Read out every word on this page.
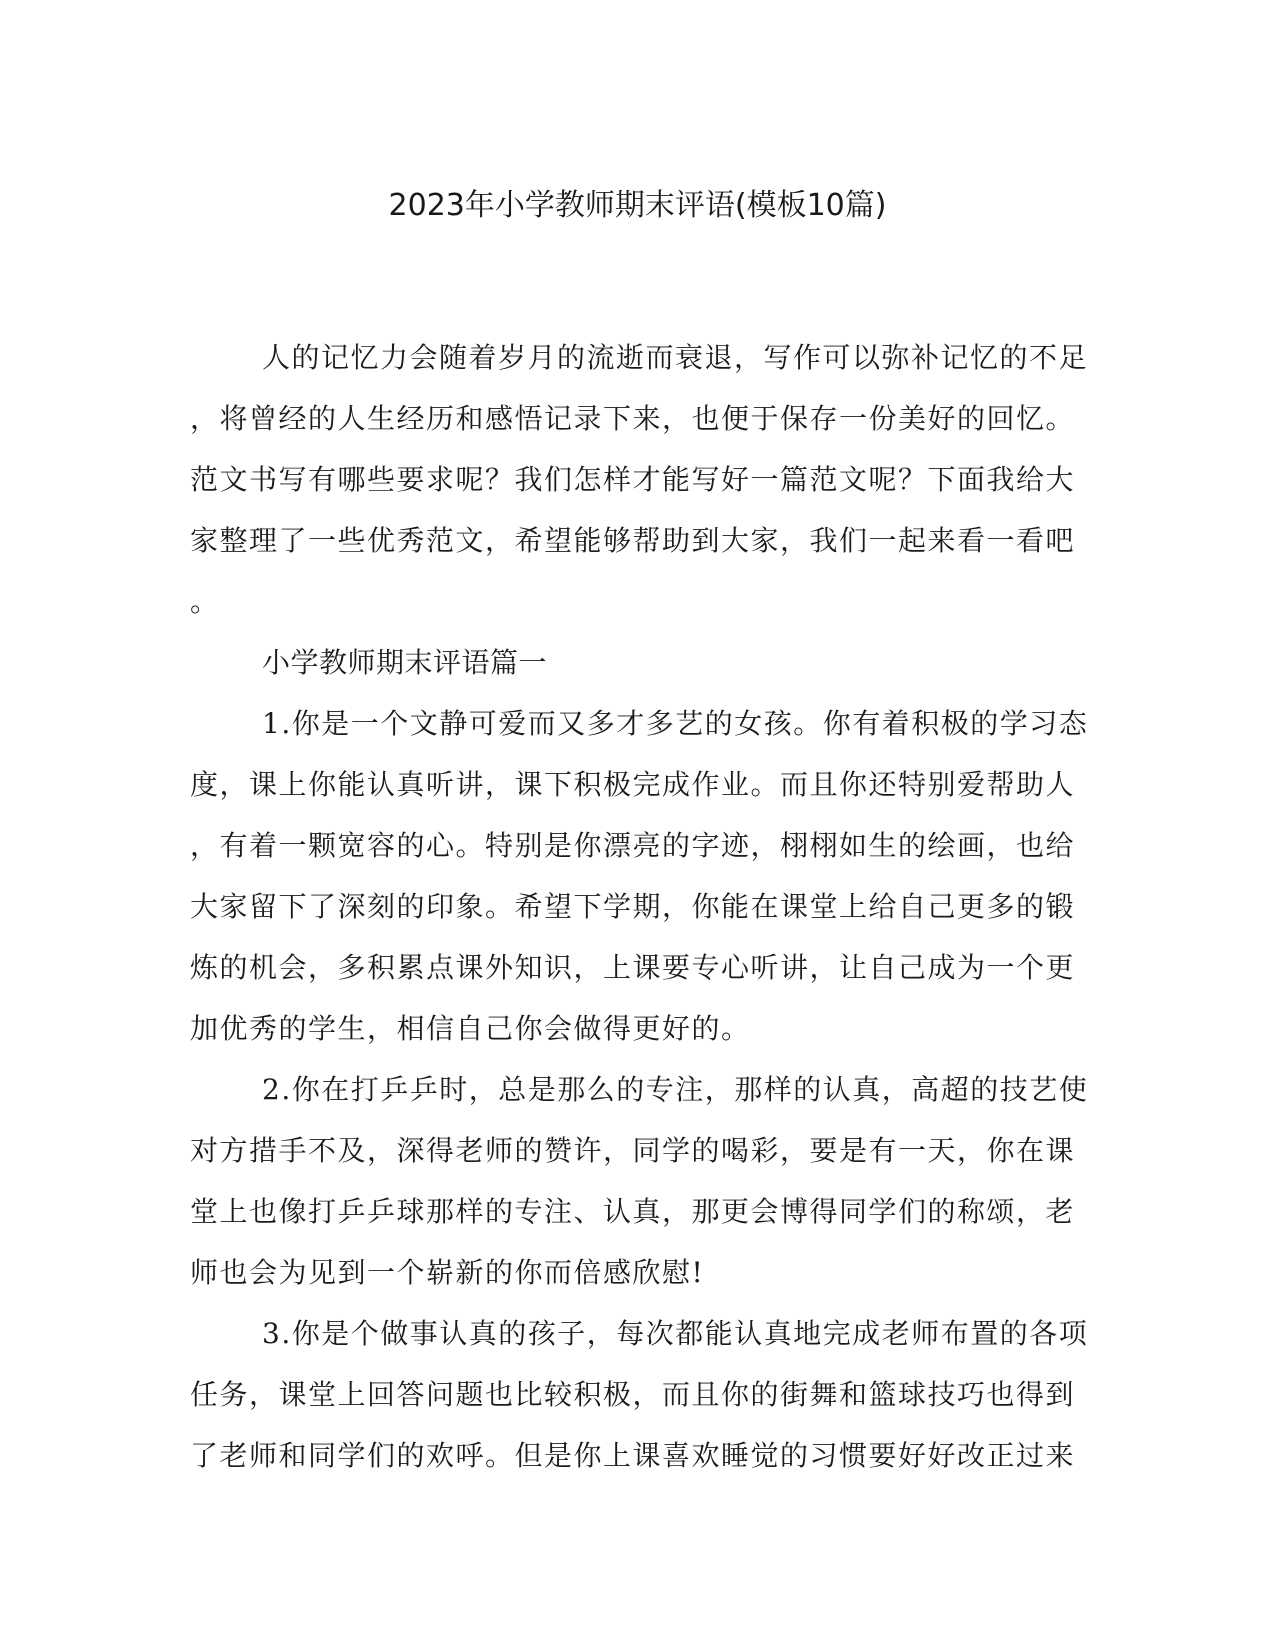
2023年小学教师期末评语(模板10篇)
人的记忆力会随着岁月的流逝而衰退，写作可以弥补记忆的不足
，将曾经的人生经历和感悟记录下来，也便于保存一份美好的回忆。
范文书写有哪些要求呢？我们怎样才能写好一篇范文呢？下面我给大
家整理了一些优秀范文，希望能够帮助到大家，我们一起来看一看吧
。
小学教师期末评语篇一
1.你是一个文静可爱而又多才多艺的女孩。你有着积极的学习态
度，课上你能认真听讲，课下积极完成作业。而且你还特别爱帮助人
，有着一颗宽容的心。特别是你漂亮的字迹，栩栩如生的绘画，也给
大家留下了深刻的印象。希望下学期，你能在课堂上给自己更多的锻
炼的机会，多积累点课外知识，上课要专心听讲，让自己成为一个更
加优秀的学生，相信自己你会做得更好的。
2.你在打乒乒时，总是那么的专注，那样的认真，高超的技艺使
对方措手不及，深得老师的赞许，同学的喝彩，要是有一天，你在课
堂上也像打乒乒球那样的专注、认真，那更会博得同学们的称颂，老
师也会为见到一个崭新的你而倍感欣慰!
3.你是个做事认真的孩子，每次都能认真地完成老师布置的各项
任务，课堂上回答问题也比较积极，而且你的街舞和篮球技巧也得到
了老师和同学们的欢呼。但是你上课喜欢睡觉的习惯要好好改正过来
